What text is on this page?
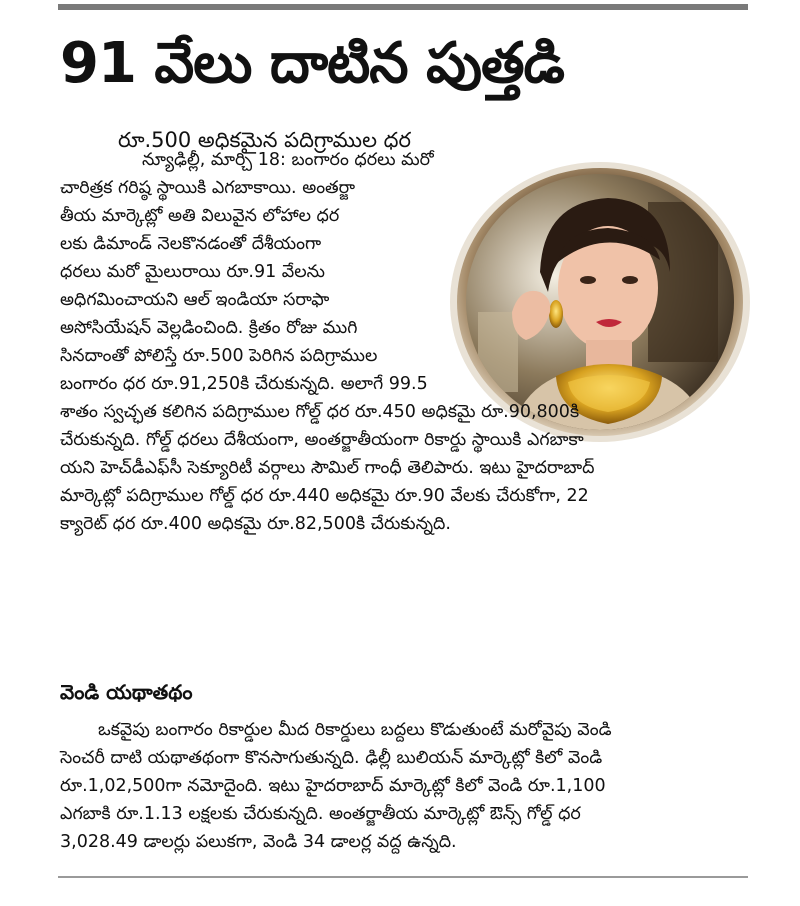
91 వేలు దాటిన పుత్తడి
రూ.500 అధికమైన పదిగ్రాముల ధర
న్యూఢిల్లీ, మార్చి 18: బంగారం ధరలు మరో
చారిత్రక గరిష్ఠ స్థాయికి ఎగబాకాయి. అంతర్జా
తీయ మార్కెట్లో అతి విలువైన లోహాల ధర
లకు డిమాండ్ నెలకొనడంతో దేశీయంగా
ధరలు మరో మైలురాయి రూ.91 వేలను
అధిగమించాయని ఆల్ ఇండియా సరాఫా
అసోసియేషన్ వెల్లడించింది. క్రితం రోజు ముగి
సినదాంతో పోలిస్తే రూ.500 పెరిగిన పదిగ్రాముల
బంగారం ధర రూ.91,250కి చేరుకున్నది. అలాగే 99.5
శాతం స్వచ్ఛత కలిగిన పదిగ్రాముల గోల్డ్ ధర రూ.450 అధికమై రూ.90,800కి
చేరుకున్నది. గోల్డ్ ధరలు దేశీయంగా, అంతర్జాతీయంగా రికార్డు స్థాయికి ఎగబాకా
యని హెచ్‌డీఎఫ్‌సీ సెక్యూరిటీ వర్గాలు సౌమిల్ గాంధీ తెలిపారు. ఇటు హైదరాబాద్
మార్కెట్లో పదిగ్రాముల గోల్డ్ ధర రూ.440 అధికమై రూ.90 వేలకు చేరుకోగా, 22
క్యారెట్ ధర రూ.400 అధికమై రూ.82,500కి చేరుకున్నది.
వెండి యథాతథం
ఒకవైపు బంగారం రికార్డుల మీద రికార్డులు బద్దలు కొడుతుంటే మరోవైపు వెండి
సెంచరీ దాటి యథాతథంగా కొనసాగుతున్నది. ఢిల్లీ బులియన్ మార్కెట్లో కిలో వెండి
రూ.1,02,500గా నమోదైంది. ఇటు హైదరాబాద్ మార్కెట్లో కిలో వెండి రూ.1,100
ఎగబాకి రూ.1.13 లక్షలకు చేరుకున్నది. అంతర్జాతీయ మార్కెట్లో ఔన్స్ గోల్డ్ ధర
3,028.49 డాలర్లు పలుకగా, వెండి 34 డాలర్ల వద్ద ఉన్నది.
